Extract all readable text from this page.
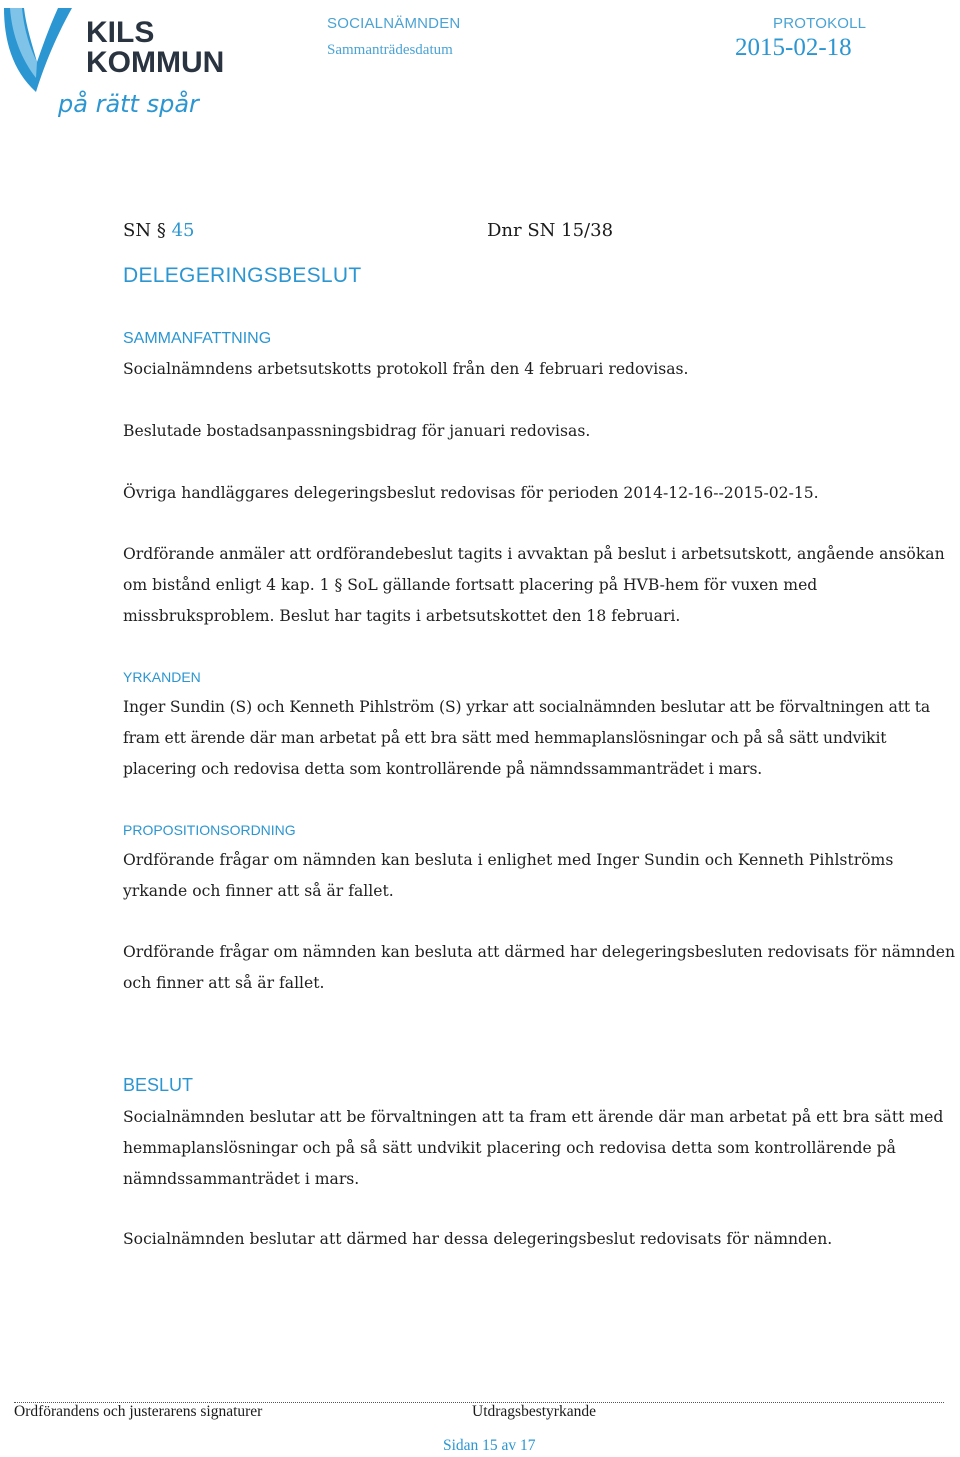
KILS
KOMMUN
på rätt spår
SOCIALNÄMNDEN
Sammanträdesdatum
PROTOKOLL
2015-02-18
SN § 45	Dnr SN 15/38
DELEGERINGSBESLUT
SAMMANFATTNING

Socialnämndens arbetsutskotts protokoll från den 4 februari redovisas.

Beslutade bostadsanpassningsbidrag för januari redovisas.

Övriga handläggares delegeringsbeslut redovisas för perioden 2014-12-16--2015-02-15.

Ordförande anmäler att ordförandebeslut tagits i avvaktan på beslut i arbetsutskott, angående ansökan om bistånd enligt 4 kap. 1 § SoL gällande fortsatt placering på HVB-hem för vuxen med missbruksproblem. Beslut har tagits i arbetsutskottet den 18 februari.

YRKANDEN

Inger Sundin (S) och Kenneth Pihlström (S) yrkar att socialnämnden beslutar att be förvaltningen att ta fram ett ärende där man arbetat på ett bra sätt med hemmaplanslösningar och på så sätt undvikit placering och redovisa detta som kontrollärende på nämndssammanträdet i mars.

PROPOSITIONSORDNING

Ordförande frågar om nämnden kan besluta i enlighet med Inger Sundin och Kenneth Pihlströms yrkande och finner att så är fallet.

Ordförande frågar om nämnden kan besluta att därmed har delegeringsbesluten redovisats för nämnden och finner att så är fallet.

BESLUT

Socialnämnden beslutar att be förvaltningen att ta fram ett ärende där man arbetat på ett bra sätt med hemmaplanslösningar och på så sätt undvikit placering och redovisa detta som kontrollärende på nämndssammanträdet i mars.

Socialnämnden beslutar att därmed har dessa delegeringsbeslut redovisats för nämnden.

Ordförandens och justerarens signaturer	Utdragsbestyrkande
Sidan 15 av 17
